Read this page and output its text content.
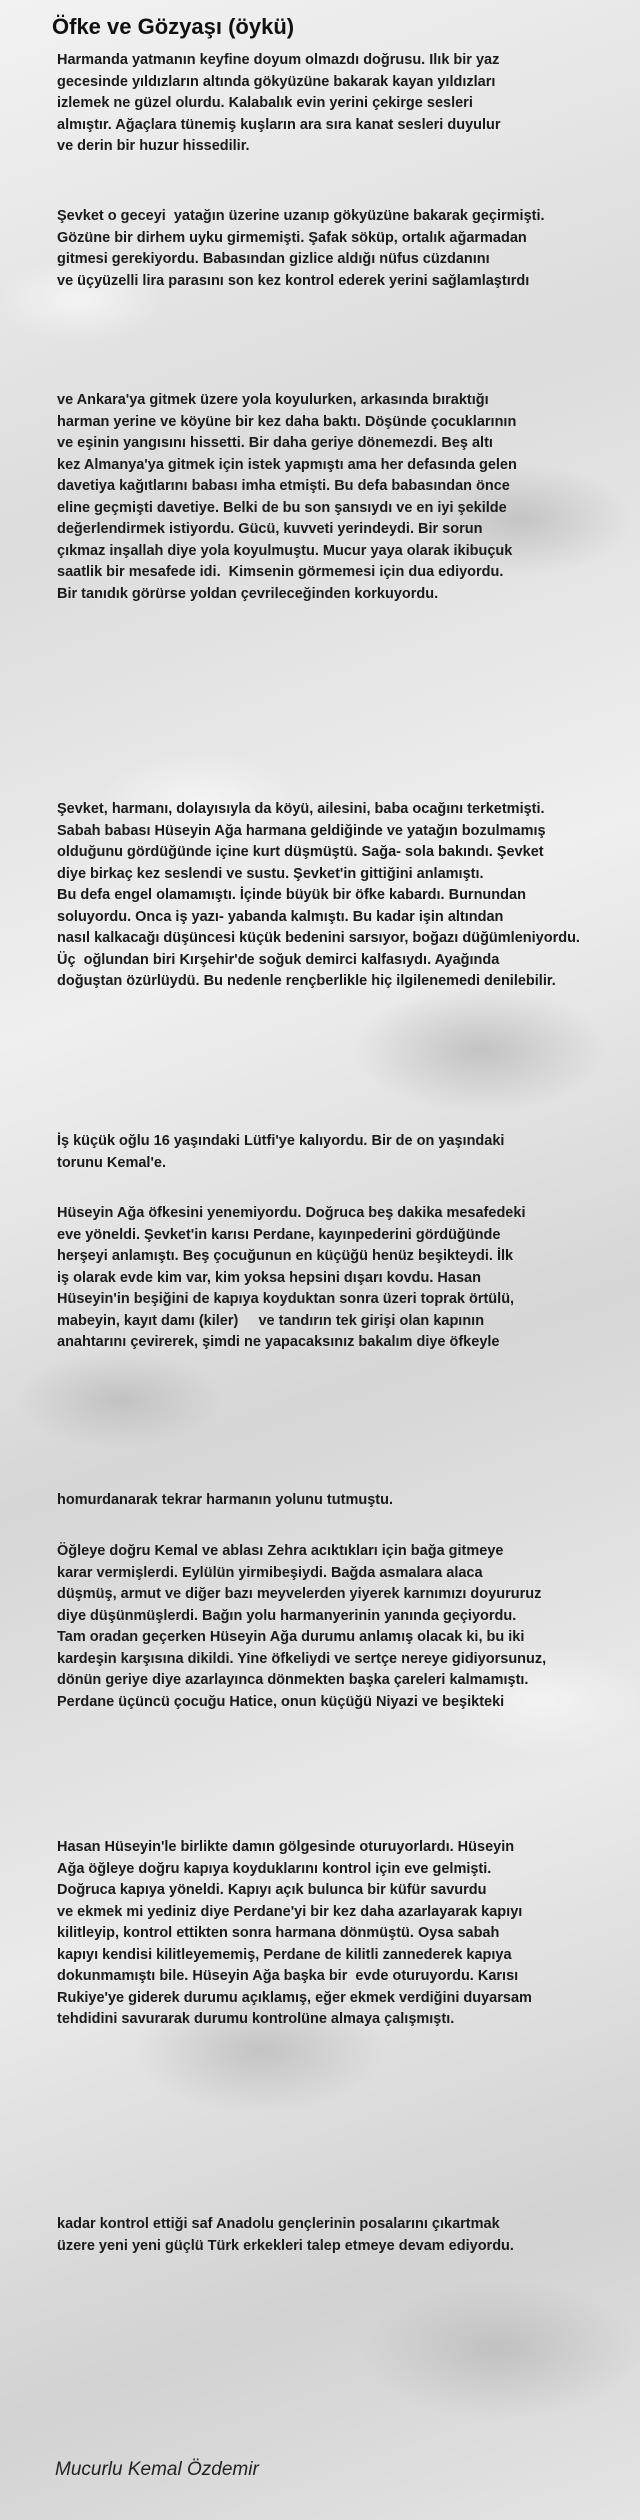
Öfke ve Gözyaşı (öykü)

Harmanda yatmanın keyfine doyum olmazdı doğrusu. Ilık bir yaz
gecesinde yıldızların altında gökyüzüne bakarak kayan yıldızları
izlemek ne güzel olurdu. Kalabalık evin yerini çekirge sesleri
almıştır. Ağaçlara tünemiş kuşların ara sıra kanat sesleri duyulur
ve derin bir huzur hissedilir.

Şevket o geceyi  yatağın üzerine uzanıp gökyüzüne bakarak geçirmişti.
Gözüne bir dirhem uyku girmemişti. Şafak söküp, ortalık ağarmadan
gitmesi gerekiyordu. Babasından gizlice aldığı nüfus cüzdanını
ve üçyüzelli lira parasını son kez kontrol ederek yerini sağlamlaştırdı

ve Ankara'ya gitmek üzere yola koyulurken, arkasında bıraktığı
harman yerine ve köyüne bir kez daha baktı. Döşünde çocuklarının
ve eşinin yangısını hissetti. Bir daha geriye dönemezdi. Beş altı
kez Almanya'ya gitmek için istek yapmıştı ama her defasında gelen
davetiya kağıtlarını babası imha etmişti. Bu defa babasından önce
eline geçmişti davetiye. Belki de bu son şansıydı ve en iyi şekilde
değerlendirmek istiyordu. Gücü, kuvveti yerindeydi. Bir sorun
çıkmaz inşallah diye yola koyulmuştu. Mucur yaya olarak ikibuçuk
saatlik bir mesafede idi.  Kimsenin görmemesi için dua ediyordu.
Bir tanıdık görürse yoldan çevrileceğinden korkuyordu.

Şevket, harmanı, dolayısıyla da köyü, ailesini, baba ocağını terketmişti.
Sabah babası Hüseyin Ağa harmana geldiğinde ve yatağın bozulmamış
olduğunu gördüğünde içine kurt düşmüştü. Sağa- sola bakındı. Şevket
diye birkaç kez seslendi ve sustu. Şevket'in gittiğini anlamıştı.
Bu defa engel olamamıştı. İçinde büyük bir öfke kabardı. Burnundan
soluyordu. Onca iş yazı- yabanda kalmıştı. Bu kadar işin altından
nasıl kalkacağı düşüncesi küçük bedenini sarsıyor, boğazı düğümleniyordu.
Üç  oğlundan biri Kırşehir'de soğuk demirci kalfasıydı. Ayağında
doğuştan özürlüydü. Bu nedenle rençberlikle hiç ilgilenemedi denilebilir.

İş küçük oğlu 16 yaşındaki Lütfi'ye kalıyordu. Bir de on yaşındaki
torunu Kemal'e.

Hüseyin Ağa öfkesini yenemiyordu. Doğruca beş dakika mesafedeki
eve yöneldi. Şevket'in karısı Perdane, kayınpederini gördüğünde
herşeyi anlamıştı. Beş çocuğunun en küçüğü henüz beşikteydi. İlk
iş olarak evde kim var, kim yoksa hepsini dışarı kovdu. Hasan
Hüseyin'in beşiğini de kapıya koyduktan sonra üzeri toprak örtülü,
mabeyin, kayıt damı (kiler)     ve tandırın tek girişi olan kapının
anahtarını çevirerek, şimdi ne yapacaksınız bakalım diye öfkeyle

homurdanarak tekrar harmanın yolunu tutmuştu.

Öğleye doğru Kemal ve ablası Zehra acıktıkları için bağa gitmeye
karar vermişlerdi. Eylülün yirmibeşiydi. Bağda asmalara alaca
düşmüş, armut ve diğer bazı meyvelerden yiyerek karnımızı doyururuz
diye düşünmüşlerdi. Bağın yolu harmanyerinin yanında geçiyordu.
Tam oradan geçerken Hüseyin Ağa durumu anlamış olacak ki, bu iki
kardeşin karşısına dikildi. Yine öfkeliydi ve sertçe nereye gidiyorsunuz,
dönün geriye diye azarlayınca dönmekten başka çareleri kalmamıştı.
Perdane üçüncü çocuğu Hatice, onun küçüğü Niyazi ve beşikteki

Hasan Hüseyin'le birlikte damın gölgesinde oturuyorlardı. Hüseyin
Ağa öğleye doğru kapıya koyduklarını kontrol için eve gelmişti.
Doğruca kapıya yöneldi. Kapıyı açık bulunca bir küfür savurdu
ve ekmek mi yediniz diye Perdane'yi bir kez daha azarlayarak kapıyı
kilitleyip, kontrol ettikten sonra harmana dönmüştü. Oysa sabah
kapıyı kendisi kilitleyememiş, Perdane de kilitli zannederek kapıya
dokunmamıştı bile. Hüseyin Ağa başka bir  evde oturuyordu. Karısı
Rukiye'ye giderek durumu açıklamış, eğer ekmek verdiğini duyarsam
tehdidini savurarak durumu kontrolüne almaya çalışmıştı.

kadar kontrol ettiği saf Anadolu gençlerinin posalarını çıkartmak
üzere yeni yeni güçlü Türk erkekleri talep etmeye devam ediyordu.

Mucurlu Kemal Özdemir
